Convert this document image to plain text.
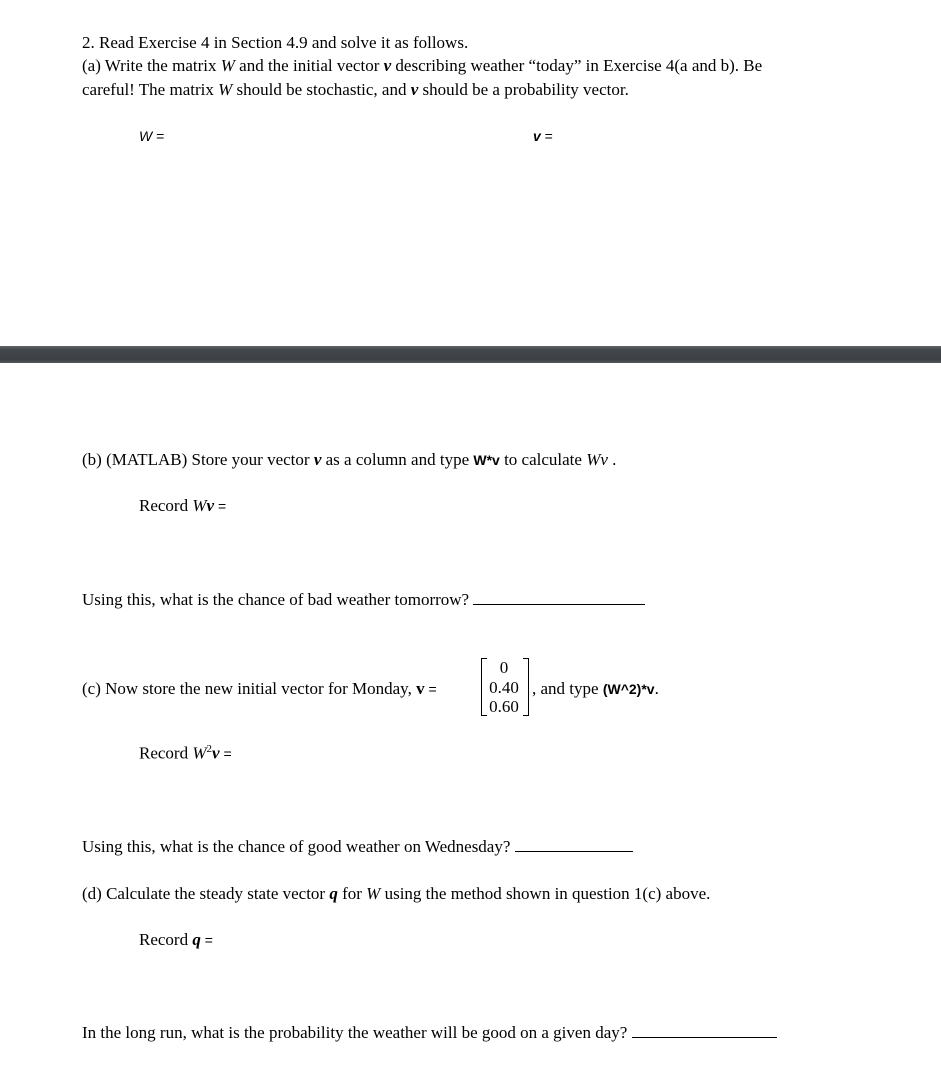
2. Read Exercise 4 in Section 4.9 and solve it as follows.
(a) Write the matrix W and the initial vector v describing weather “today” in Exercise 4(a and b). Be
careful! The matrix W should be stochastic, and v should be a probability vector.
W =	v =
(b) (MATLAB) Store your vector v as a column and type W*v to calculate Wv .
Record Wv =
Using this, what is the chance of bad weather tomorrow?
(c) Now store the new initial vector for Monday, v =
0
0.40
0.60
, and type (W^2)*v.
Record $W^2v$ =
Using this, what is the chance of good weather on Wednesday?
(d) Calculate the steady state vector q for W using the method shown in question 1(c) above.
Record q =
In the long run, what is the probability the weather will be good on a given day?
